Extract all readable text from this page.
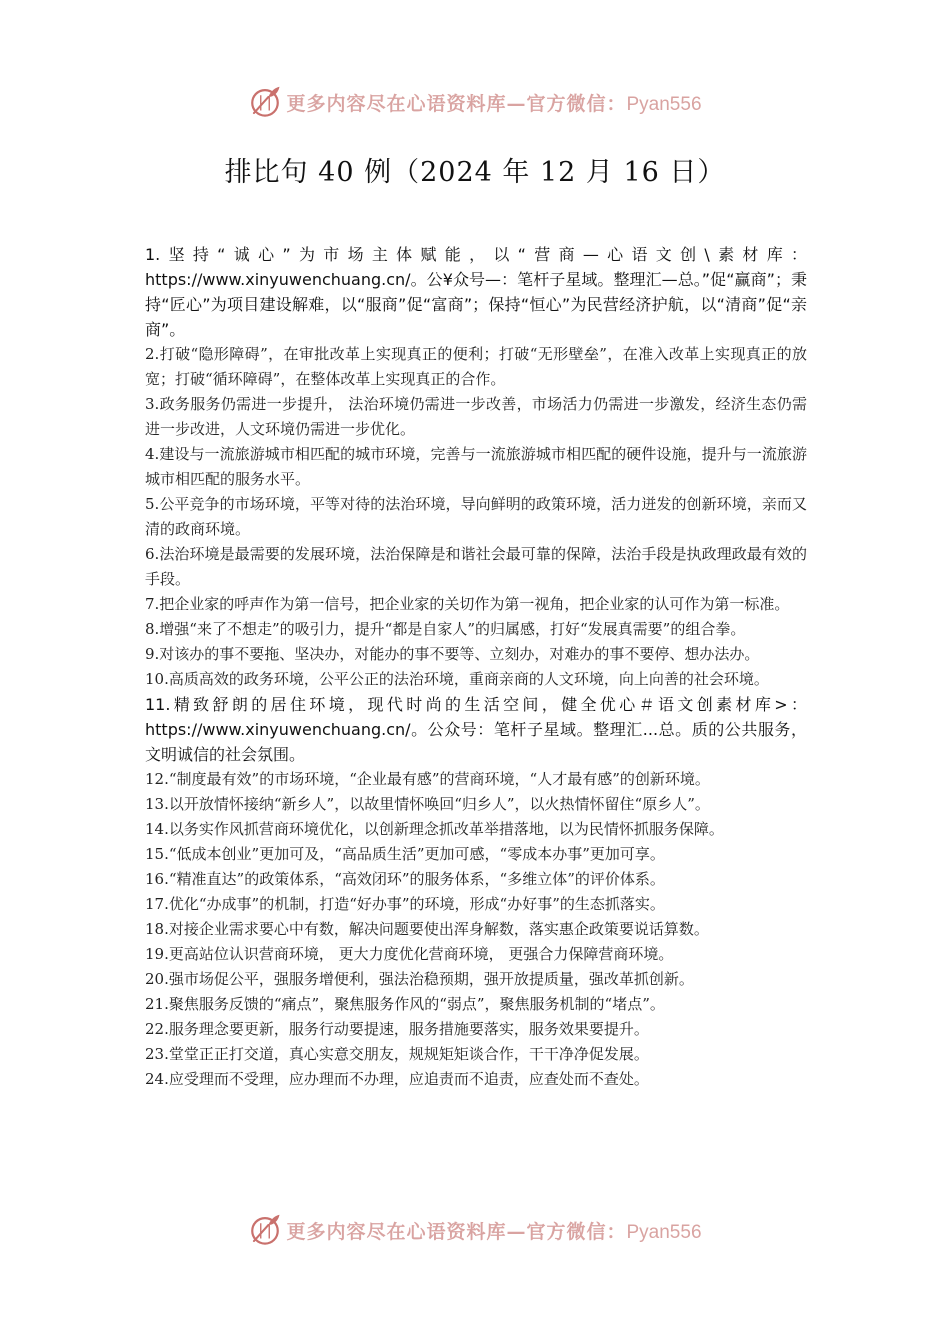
更多内容尽在心语资料库—官方微信：Pyan556
排比句 40 例（2024 年 12 月 16 日）

1.坚持“诚心”为市场主体赋能，以“营商—心语文创\素材库：https://www.xinyuwenchuang.cn/。公¥众号—：笔杆子星域。整理汇—总。”促“赢商”；秉持“匠心”为项目建设解难，以“服商”促“富商”；保持“恒心”为民营经济护航，以“清商”促“亲商”。

2.打破“隐形障碍”，在审批改革上实现真正的便利；打破“无形壁垒”，在准入改革上实现真正的放宽；打破“循环障碍”，在整体改革上实现真正的合作。

3.政务服务仍需进一步提升， 法治环境仍需进一步改善，市场活力仍需进一步激发，经济生态仍需进一步改进，人文环境仍需进一步优化。

4.建设与一流旅游城市相匹配的城市环境，完善与一流旅游城市相匹配的硬件设施，提升与一流旅游城市相匹配的服务水平。

5.公平竞争的市场环境，平等对待的法治环境，导向鲜明的政策环境，活力迸发的创新环境，亲而又清的政商环境。

6.法治环境是最需要的发展环境，法治保障是和谐社会最可靠的保障，法治手段是执政理政最有效的手段。

7.把企业家的呼声作为第一信号，把企业家的关切作为第一视角，把企业家的认可作为第一标准。

8.增强“来了不想走”的吸引力，提升“都是自家人”的归属感，打好“发展真需要”的组合拳。

9.对该办的事不要拖、坚决办，对能办的事不要等、立刻办，对难办的事不要停、想办法办。

10.高质高效的政务环境，公平公正的法治环境，重商亲商的人文环境，向上向善的社会环境。

11.精致舒朗的居住环境，现代时尚的生活空间，健全优心＃语文创素材库>：https://www.xinyuwenchuang.cn/。公众号：笔杆子星域。整理汇...总。质的公共服务，文明诚信的社会氛围。

12.“制度最有效”的市场环境，“企业最有感”的营商环境，“人才最有感”的创新环境。

13.以开放情怀接纳“新乡人”，以故里情怀唤回“归乡人”，以火热情怀留住“原乡人”。

14.以务实作风抓营商环境优化，以创新理念抓改革举措落地，以为民情怀抓服务保障。

15.“低成本创业”更加可及，“高品质生活”更加可感，“零成本办事”更加可享。

16.“精准直达”的政策体系，“高效闭环”的服务体系，“多维立体”的评价体系。

17.优化“办成事”的机制，打造“好办事”的环境，形成“办好事”的生态抓落实。

18.对接企业需求要心中有数，解决问题要使出浑身解数，落实惠企政策要说话算数。

19.更高站位认识营商环境， 更大力度优化营商环境， 更强合力保障营商环境。

20.强市场促公平，强服务增便利，强法治稳预期，强开放提质量，强改革抓创新。

21.聚焦服务反馈的“痛点”，聚焦服务作风的“弱点”，聚焦服务机制的“堵点”。

22.服务理念要更新，服务行动要提速，服务措施要落实，服务效果要提升。

23.堂堂正正打交道，真心实意交朋友，规规矩矩谈合作，干干净净促发展。

24.应受理而不受理，应办理而不办理，应追责而不追责，应查处而不查处。

更多内容尽在心语资料库—官方微信：Pyan556
